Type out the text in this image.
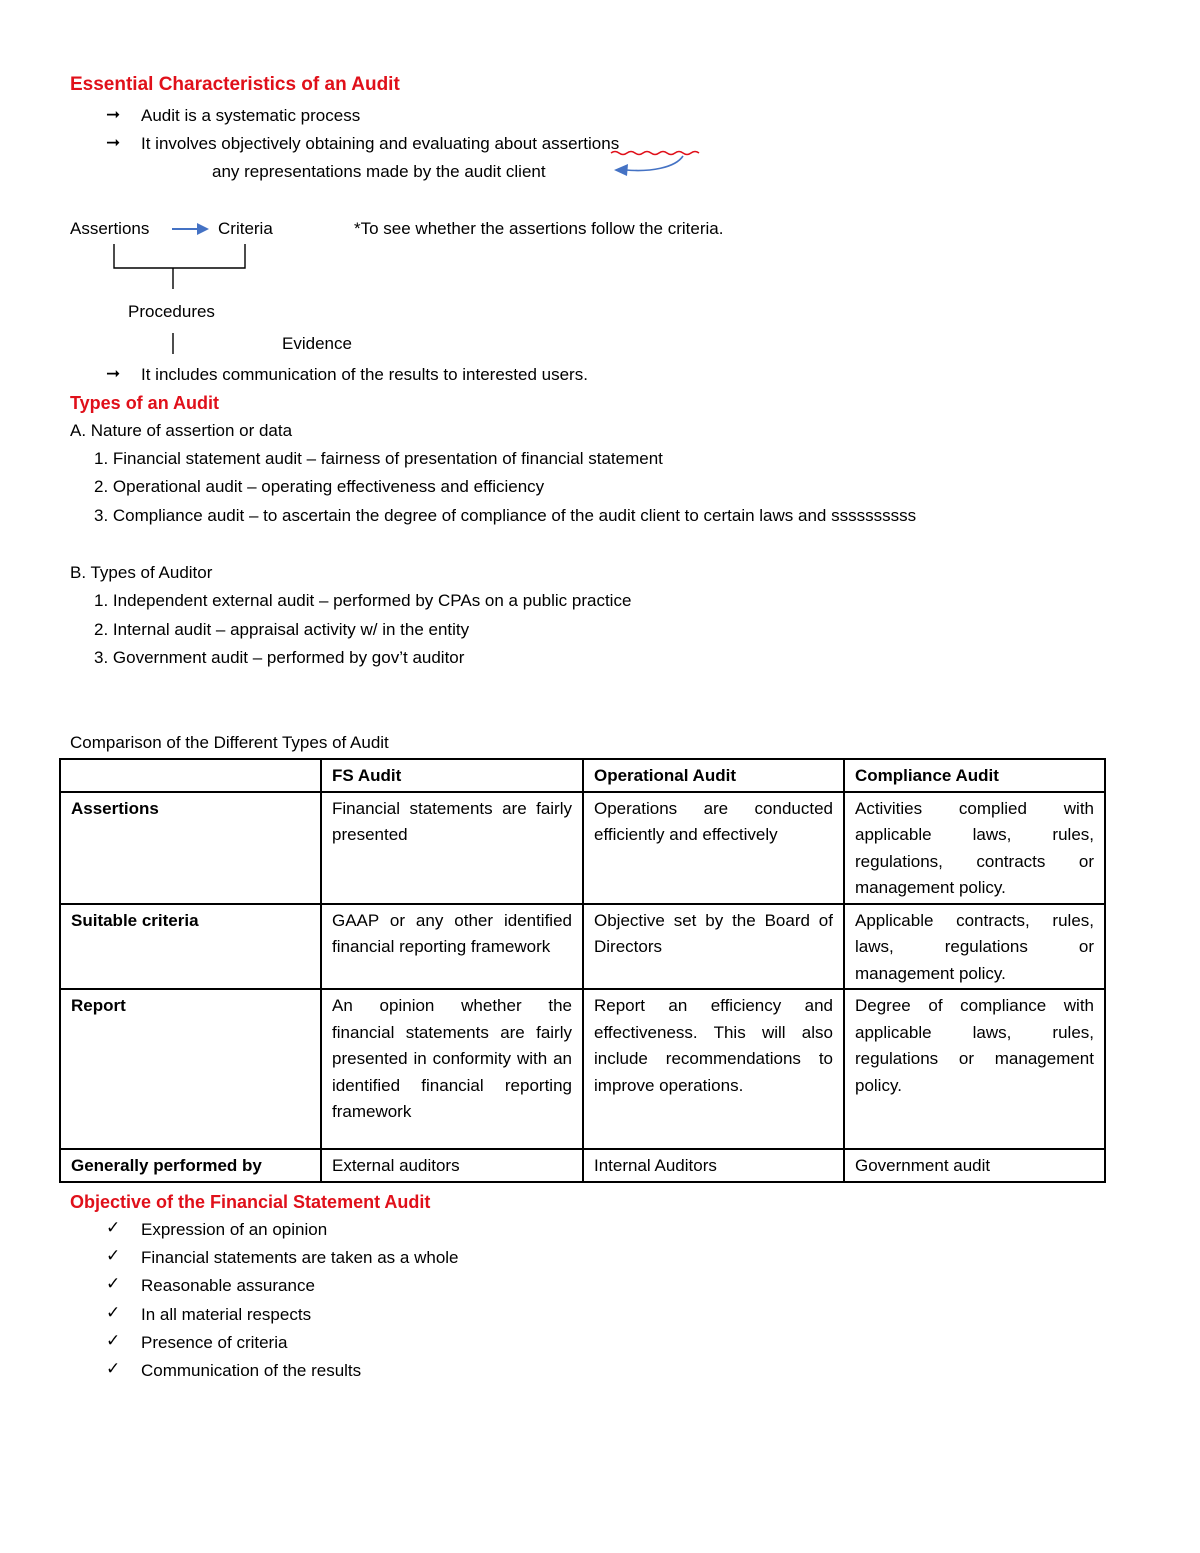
Essential Characteristics of an Audit
➞	Audit is a systematic process
➞	It involves objectively obtaining and evaluating about assertions
any representations made by the audit client
Assertions	Criteria	*To see whether the assertions follow the criteria.
Procedures
Evidence
➞	It includes communication of the results to interested users.
Types of an Audit
A. Nature of assertion or data
1. Financial statement audit – fairness of presentation of financial statement
2. Operational audit – operating effectiveness and efficiency
3. Compliance audit – to ascertain the degree of compliance of the audit client to certain laws and ssssssssss
B. Types of Auditor
1. Independent external audit – performed by CPAs on a public practice
2. Internal audit – appraisal activity w/ in the entity
3. Government audit – performed by gov’t auditor
Comparison of the Different Types of Audit
	FS Audit	Operational Audit	Compliance Audit
Assertions	Financial statements are fairly presented	Operations are conducted efficiently and effectively	Activities complied with applicable laws, rules, regulations, contracts or management policy.
Suitable criteria	GAAP or any other identified financial reporting framework	Objective set by the Board of Directors	Applicable contracts, rules, laws, regulations or management policy.
Report	An opinion whether the financial statements are fairly presented in conformity with an identified financial reporting framework	Report an efficiency and effectiveness. This will also include recommendations to improve operations.	Degree of compliance with applicable laws, rules, regulations or management policy.
Generally performed by	External auditors	Internal Auditors	Government audit
Objective of the Financial Statement Audit
✓ Expression of an opinion
✓ Financial statements are taken as a whole
✓ Reasonable assurance
✓ In all material respects
✓ Presence of criteria
✓ Communication of the results
